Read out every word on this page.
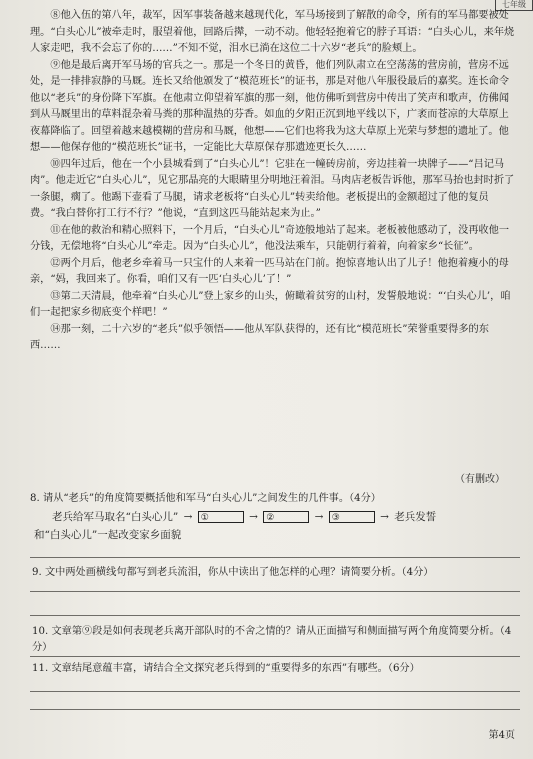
七年级

⑧他入伍的第八年，裁军，因军事装备越来越现代化，军马场接到了解散的命令，所有的军马都要被处理。“白头心儿”被牵走时，服望着他，回路后撵，一动不动。他轻轻抱着它的脖子耳语：“白头心儿，来年烧人家走吧，我不会忘了你的……”不知不觉，泪水已淌在这位二十六岁“老兵”的脸颊上。

⑨他是最后离开军马场的官兵之一。那是一个冬日的黄昏，他们列队肃立在空荡荡的营房前，营房不远处，是一排排寂静的马厩。连长又给他颁发了“模范班长”的证书，那是对他八年服役最后的嘉奖。连长命令他以“老兵”的身份降下军旗。在他肃立仰望着军旗的那一刻，他仿佛听到营房中传出了笑声和歌声，仿佛闻到从马厩里出的草料混杂着马粪的那种温热的芬香。如血的夕阳正沉到地平线以下，广袤而苍凉的大草原上夜幕降临了。回望着越来越模糊的营房和马厩，他想——它们也将我为这大草原上光荣与梦想的遗址了。他想——他保存他的“模范班长”证书，一定能比大草原保存那遗迹更长久……

⑩四年过后，他在一个小县城看到了“白头心儿”！它驻在一幢砖房前，旁边挂着一块牌子——“吕记马肉”。他走近它“白头心儿”，见它那晶亮的大眼睛里分明地汪着泪。马肉店老板告诉他，那军马抬也封时折了一条腿，瘸了。他踢下壶看了马腿，请求老板将“白头心儿”转卖给他。老板提出的金额超过了他的复员费。“我白替你打工行不行？”他说，“直到这匹马能站起来为止。”

⑪在他的救治和精心照料下，一个月后，“白头心儿”奇迹般地站了起来。老板被他感动了，没再收他一分钱，无偿地将“白头心儿”牵走。因为“白头心儿”，他没法乘车，只能朝行着着，向着家乡“长征”。

⑫两个月后，他老乡牵着马一只宝什的人来着一匹马站在门前。抱惊喜地认出了儿子！他抱着瘦小的母亲，“妈，我回来了。你看，咱们又有一匹‘白头心儿’了！”

⑬第二天清晨，他牵着“白头心儿”登上家乡的山头，俯瞰着贫穷的山村，发誓般地说：“‘白头心儿’，咱们一起把家乡彻底变个样吧！”

⑭那一刻，二十六岁的“老兵”似乎领悟——他从军队获得的，还有比“模范班长”荣誉重要得多的东西……

（有删改）
8. 请从“老兵”的角度简要概括他和军马“白头心儿”之间发生的几件事。（4分）
老兵给军马取名“白头心儿” → ①	→ ②	→ ③	→ 老兵发誓
和“白头心儿”一起改变家乡面貌
9. 文中两处画横线句都写到老兵流泪，你从中读出了他怎样的心理？请简要分析。（4分）
10. 文章第⑨段是如何表现老兵离开部队时的不舍之情的？请从正面描写和侧面描写两个角度简要分析。（4分）
11. 文章结尾意蕴丰富，请结合全文探究老兵得到的“重要得多的东西”有哪些。（6分）
第4页
